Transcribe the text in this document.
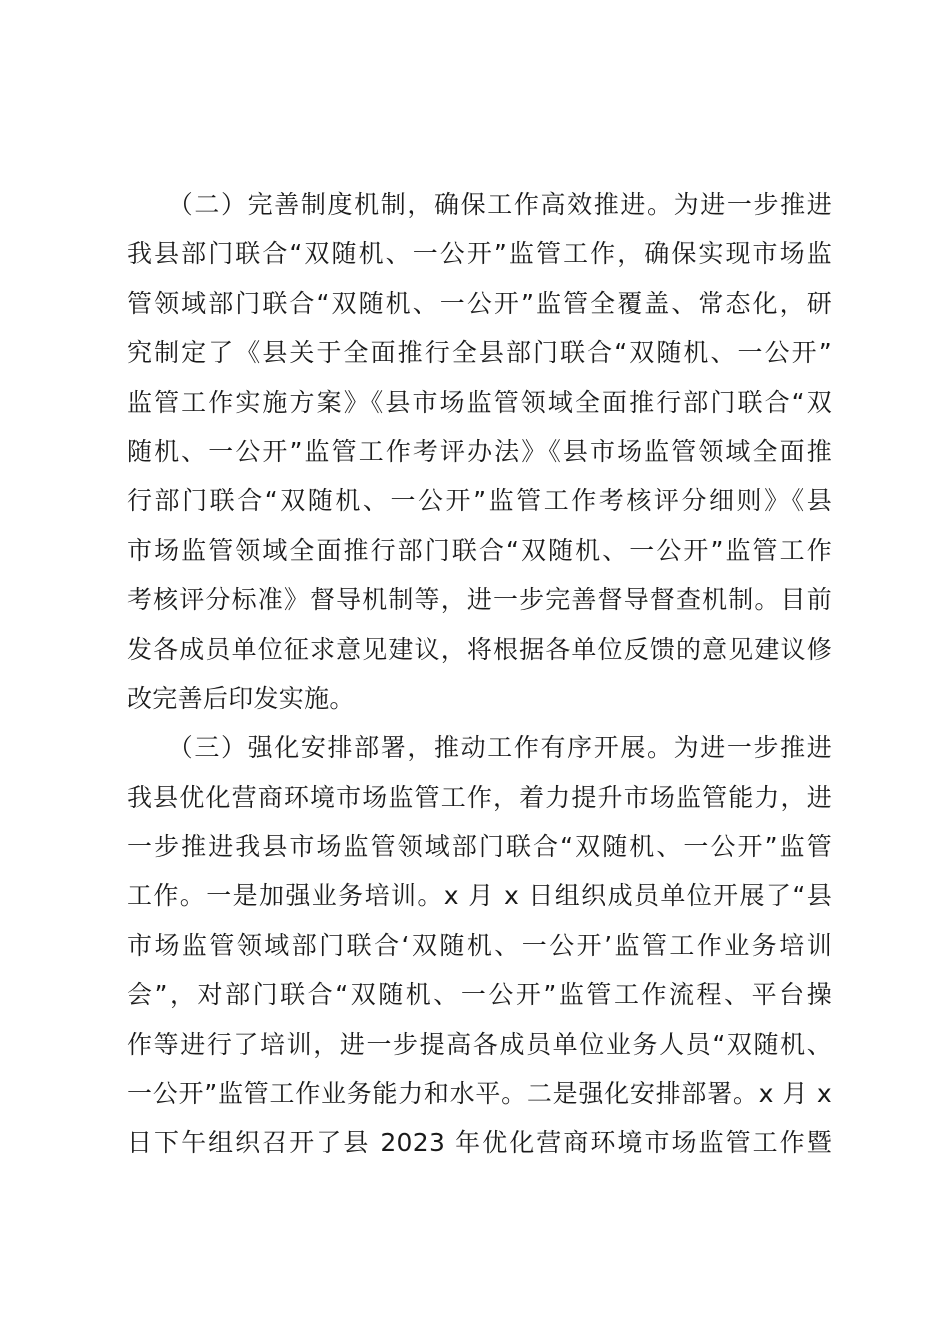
　　（二）完善制度机制，确保工作高效推进。为进一步推进
我县部门联合“双随机、一公开”监管工作，确保实现市场监
管领域部门联合“双随机、一公开”监管全覆盖、常态化，研
究制定了《县关于全面推行全县部门联合“双随机、一公开”
监管工作实施方案》《县市场监管领域全面推行部门联合“双
随机、一公开”监管工作考评办法》《县市场监管领域全面推
行部门联合“双随机、一公开”监管工作考核评分细则》《县
市场监管领域全面推行部门联合“双随机、一公开”监管工作
考核评分标准》督导机制等，进一步完善督导督查机制。目前
发各成员单位征求意见建议，将根据各单位反馈的意见建议修
改完善后印发实施。

　　（三）强化安排部署，推动工作有序开展。为进一步推进
我县优化营商环境市场监管工作，着力提升市场监管能力，进
一步推进我县市场监管领域部门联合“双随机、一公开”监管
工作。一是加强业务培训。x 月 x 日组织成员单位开展了“县
市场监管领域部门联合‘双随机、一公开’监管工作业务培训
会”，对部门联合“双随机、一公开”监管工作流程、平台操
作等进行了培训，进一步提高各成员单位业务人员“双随机、
一公开”监管工作业务能力和水平。二是强化安排部署。x 月 x
日下午组织召开了县 2023 年优化营商环境市场监管工作暨
